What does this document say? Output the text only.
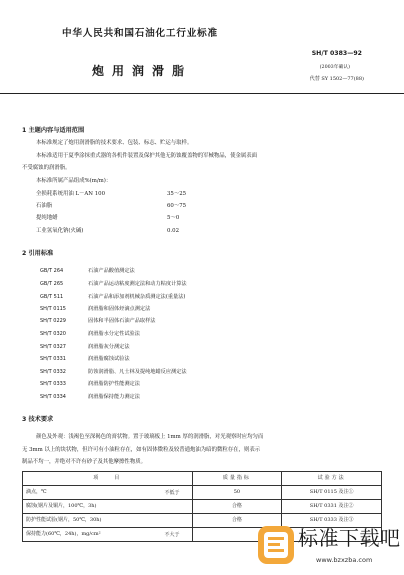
中华人民共和国石油化工行业标准
SH/T 0383—92
炮用润滑脂	(2003年确认)
代替 SY 1502—77(88)
1 主题内容与适用范围
本标准规定了炮用润滑脂的技术要求、包装、标志、贮运与取样。
本标准适用于夏季涂抹重式器的各机件装置及保护其他无防蚀覆盖物的军械物品，使金属表面
不受腐蚀的润滑脂。
本标准所属产品组成%(m/m)：
全损耗系统用油 L－AN 100	35～25
石油脂	60～75
提纯地蜡	5～0
工业氢氧化钠(火碱)	0.02
2 引用标准
GB/T 264	石油产品酸值测定法
GB/T 265	石油产品运动粘度测定法和动力粘度计算法
GB/T 511	石油产品和添加剂机械杂质测定法(重量法)
SH/T 0115	润滑脂和固体烃滴点测定法
SH/T 0229	固体和半固体石油产品取样法
SH/T 0320	润滑脂水分定性试验法
SH/T 0327	润滑脂灰分测定法
SH/T 0331	润滑脂腐蚀试验法
SH/T 0332	防蚀润滑脂、凡士林及提纯地蜡反应测定法
SH/T 0333	润滑脂防护性能测定法
SH/T 0334	润滑脂保持能力测定法
3 技术要求
颜色及外观：浅褐色至深褐色的膏状物。置于玻璃板上 1mm 厚的润滑脂，对光观察时应均匀而
无 3mm 以上的块状物，但许可有小油粒存在，如有固体微粒及较普通炮油为暗的微粒存在，则表示
制品不均一，并绝对不许有砂子及其他摩擦性物质。
项　　目	质量指标	试验方法
滴点，℃ 不低于	50	SH/T 0115 及注①
腐蚀(钢片及铜片，100℃，3h)	合格	SH/T 0331 及注②
防护性能试验(钢片，50℃，30h)	合格	SH/T 0333 及注③
保持能力(60℃，24h)，mg/cm² 不大于		
			标准下载吧
www.bzxzba.com
